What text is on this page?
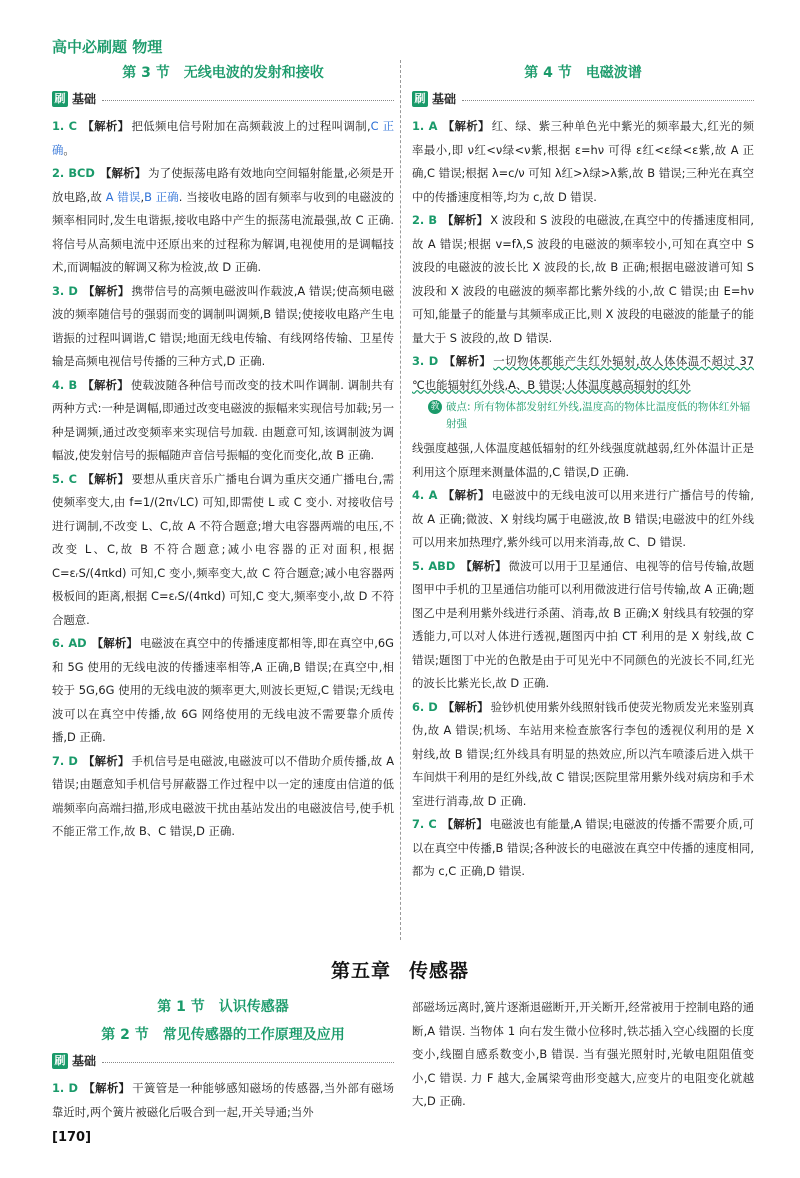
高中必刷题 物理
第 3 节 无线电波的发射和接收
刷 基础

1. C 【解析】 把低频电信号附加在高频载波上的过程叫调制,C 正确。

2. BCD 【解析】 为了使振荡电路有效地向空间辐射能量,必须是开放电路,故 A 错误,B 正确. 当接收电路的固有频率与收到的电磁波的频率相同时,发生电谐振,接收电路中产生的振荡电流最强,故 C 正确. 将信号从高频电流中还原出来的过程称为解调,电视使用的是调幅技术,而调幅波的解调又称为检波,故 D 正确.

3. D 【解析】 携带信号的高频电磁波叫作载波,A 错误;使高频电磁波的频率随信号的强弱而变的调制叫调频,B 错误;使接收电路产生电谐振的过程叫调谐,C 错误;地面无线电传输、有线网络传输、卫星传输是高频电视信号传播的三种方式,D 正确.

4. B 【解析】 使载波随各种信号而改变的技术叫作调制. 调制共有两种方式:一种是调幅,即通过改变电磁波的振幅来实现信号加载;另一种是调频,通过改变频率来实现信号加载. 由题意可知,该调制波为调幅波,使发射信号的振幅随声音信号振幅的变化而变化,故 B 正确.

5. C 【解析】 要想从重庆音乐广播电台调为重庆交通广播电台,需使频率变大,由 f=1/(2π√LC) 可知,即需使 L 或 C 变小. 对接收信号进行调制,不改变 L、C,故 A 不符合题意;增大电容器两端的电压,不改变 L、C,故 B 不符合题意;减小电容器的正对面积,根据 C=εᵣS/(4πkd) 可知,C 变小,频率变大,故 C 符合题意;减小电容器两极板间的距离,根据 C=εᵣS/(4πkd) 可知,C 变大,频率变小,故 D 不符合题意.

6. AD 【解析】 电磁波在真空中的传播速度都相等,即在真空中,6G 和 5G 使用的无线电波的传播速率相等,A 正确,B 错误;在真空中,相较于 5G,6G 使用的无线电波的频率更大,则波长更短,C 错误;无线电波可以在真空中传播,故 6G 网络使用的无线电波不需要靠介质传播,D 正确.

7. D 【解析】 手机信号是电磁波,电磁波可以不借助介质传播,故 A 错误;由题意知手机信号屏蔽器工作过程中以一定的速度由信道的低端频率向高端扫描,形成电磁波干扰由基站发出的电磁波信号,使手机不能正常工作,故 B、C 错误,D 正确.

第 4 节 电磁波谱
刷 基础

1. A 【解析】 红、绿、紫三种单色光中紫光的频率最大,红光的频率最小,即 ν红<ν绿<ν紫,根据 ε=hν 可得 ε红<ε绿<ε紫,故 A 正确,C 错误;根据 λ=c/ν 可知 λ红>λ绿>λ紫,故 B 错误;三种光在真空中的传播速度相等,均为 c,故 D 错误.

2. B 【解析】 X 波段和 S 波段的电磁波,在真空中的传播速度相同,故 A 错误;根据 v=fλ,S 波段的电磁波的频率较小,可知在真空中 S 波段的电磁波的波长比 X 波段的长,故 B 正确;根据电磁波谱可知 S 波段和 X 波段的电磁波的频率都比紫外线的小,故 C 错误;由 E=hν 可知,能量子的能量与其频率成正比,则 X 波段的电磁波的能量子的能量大于 S 波段的,故 D 错误.

3. D 【解析】 一切物体都能产生红外辐射,故人体体温不超过 37 ℃也能辐射红外线,A、B 错误;人体温度越高辐射的红外

教 破点: 所有物体都发射红外线,温度高的物体比温度低的物体红外辐射强

线强度越强,人体温度越低辐射的红外线强度就越弱,红外体温计正是利用这个原理来测量体温的,C 错误,D 正确.

4. A 【解析】 电磁波中的无线电波可以用来进行广播信号的传输,故 A 正确;微波、X 射线均属于电磁波,故 B 错误;电磁波中的红外线可以用来加热理疗,紫外线可以用来消毒,故 C、D 错误.

5. ABD 【解析】 微波可以用于卫星通信、电视等的信号传输,故题图甲中手机的卫星通信功能可以利用微波进行信号传输,故 A 正确;题图乙中是利用紫外线进行杀菌、消毒,故 B 正确;X 射线具有较强的穿透能力,可以对人体进行透视,题图丙中拍 CT 利用的是 X 射线,故 C 错误;题图丁中光的色散是由于可见光中不同颜色的光波长不同,红光的波长比紫光长,故 D 正确.

6. D 【解析】 验钞机使用紫外线照射钱币使荧光物质发光来鉴别真伪,故 A 错误;机场、车站用来检查旅客行李包的透视仪利用的是 X 射线,故 B 错误;红外线具有明显的热效应,所以汽车喷漆后进入烘干车间烘干利用的是红外线,故 C 错误;医院里常用紫外线对病房和手术室进行消毒,故 D 正确.

7. C 【解析】 电磁波也有能量,A 错误;电磁波的传播不需要介质,可以在真空中传播,B 错误;各种波长的电磁波在真空中传播的速度相同,都为 c,C 正确,D 错误.

第五章 传感器
第 1 节 认识传感器
第 2 节 常见传感器的工作原理及应用
刷 基础

1. D 【解析】 干簧管是一种能够感知磁场的传感器,当外部有磁场靠近时,两个簧片被磁化后吸合到一起,开关导通;当外

部磁场远离时,簧片逐渐退磁断开,开关断开,经常被用于控制电路的通断,A 错误. 当物体 1 向右发生微小位移时,铁芯插入空心线圈的长度变小,线圈自感系数变小,B 错误. 当有强光照射时,光敏电阻阻值变小,C 错误. 力 F 越大,金属梁弯曲形变越大,应变片的电阻变化就越大,D 正确.

[ 170 ]
